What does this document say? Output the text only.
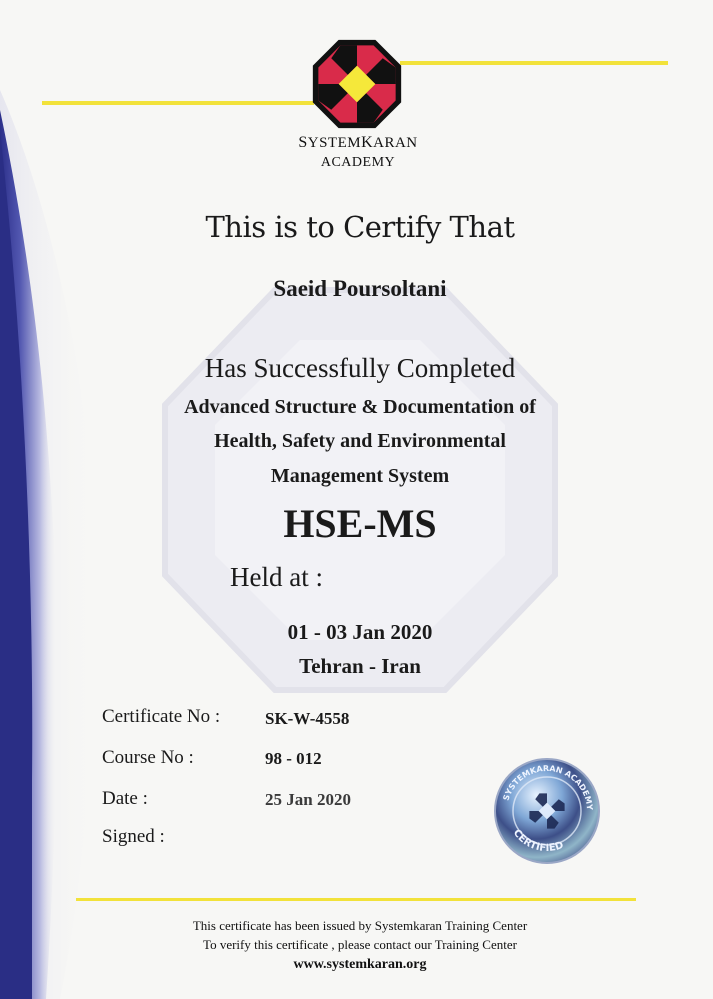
SYSTEMKARAN
ACADEMY
This is to Certify That
Saeid Poursoltani
Has Successfully Completed
Advanced Structure & Documentation of
Health, Safety and Environmental
Management System
HSE-MS
Held at :
01 - 03 Jan 2020
Tehran - Iran
Certificate No :	SK-W-4558
Course No :	98 - 012
Date :	25 Jan 2020
Signed :
SYSTEMKARAN ACADEMY
CERTIFIED
This certificate has been issued by Systemkaran Training Center
To verify this certificate , please contact our Training Center
www.systemkaran.org
